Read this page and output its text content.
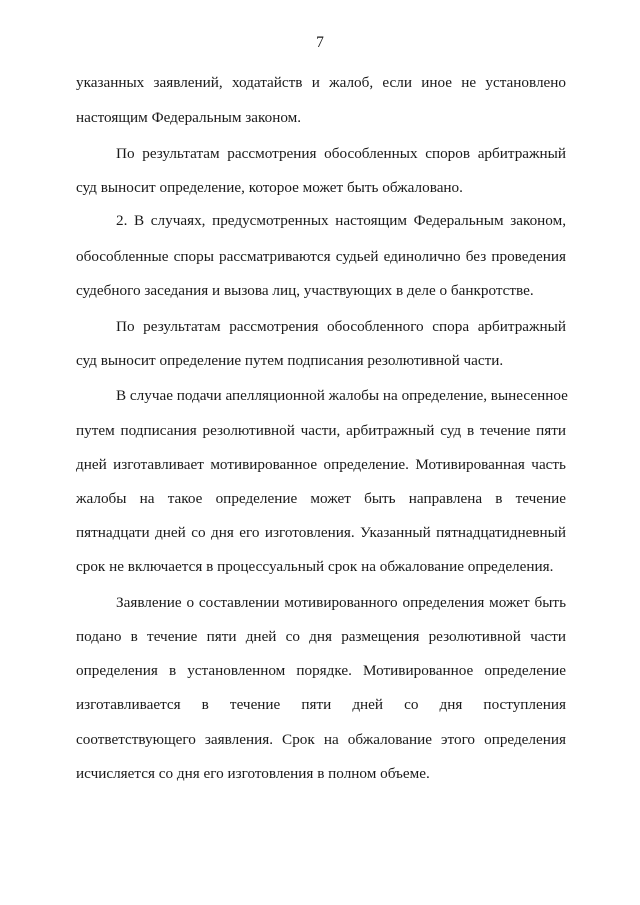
7
указанных заявлений, ходатайств и жалоб, если иное не установлено
настоящим Федеральным законом.
По результатам рассмотрения обособленных споров арбитражный
суд выносит определение, которое может быть обжаловано.
2. В случаях, предусмотренных настоящим Федеральным законом,
обособленные споры рассматриваются судьей единолично без проведения
судебного заседания и вызова лиц, участвующих в деле о банкротстве.
По результатам рассмотрения обособленного спора арбитражный
суд выносит определение путем подписания резолютивной части.
В случае подачи апелляционной жалобы на определение, вынесенное
путем подписания резолютивной части, арбитражный суд в течение пяти
дней изготавливает мотивированное определение. Мотивированная часть
жалобы на такое определение может быть направлена в течение
пятнадцати дней со дня его изготовления. Указанный пятнадцатидневный
срок не включается в процессуальный срок на обжалование определения.
Заявление о составлении мотивированного определения может быть
подано в течение пяти дней со дня размещения резолютивной части
определения в установленном порядке. Мотивированное определение
изготавливается в течение пяти дней со дня поступления
соответствующего заявления. Срок на обжалование этого определения
исчисляется со дня его изготовления в полном объеме.
